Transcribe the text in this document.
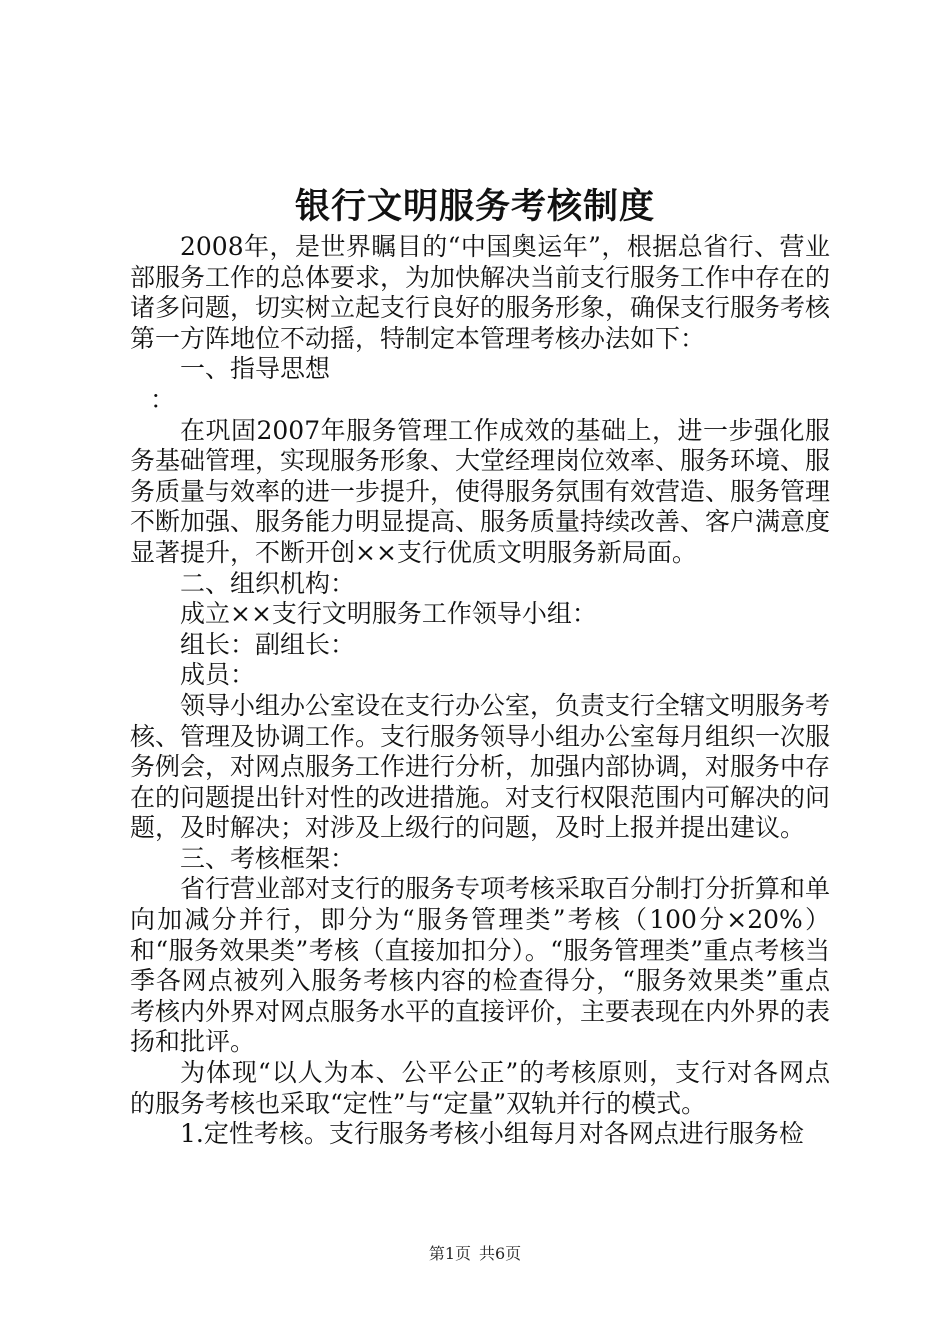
银行文明服务考核制度

2008年，是世界瞩目的“中国奥运年”，根据总省行、营业部服务工作的总体要求，为加快解决当前支行服务工作中存在的诸多问题，切实树立起支行良好的服务形象，确保支行服务考核第一方阵地位不动摇，特制定本管理考核办法如下：

一、指导思想

：

在巩固2007年服务管理工作成效的基础上，进一步强化服务基础管理，实现服务形象、大堂经理岗位效率、服务环境、服务质量与效率的进一步提升，使得服务氛围有效营造、服务管理不断加强、服务能力明显提高、服务质量持续改善、客户满意度显著提升，不断开创××支行优质文明服务新局面。

二、组织机构：

成立××支行文明服务工作领导小组：

组长：副组长：

成员：

领导小组办公室设在支行办公室，负责支行全辖文明服务考核、管理及协调工作。支行服务领导小组办公室每月组织一次服务例会，对网点服务工作进行分析，加强内部协调，对服务中存在的问题提出针对性的改进措施。对支行权限范围内可解决的问题，及时解决；对涉及上级行的问题，及时上报并提出建议。

三、考核框架：

省行营业部对支行的服务专项考核采取百分制打分折算和单向加减分并行，即分为“服务管理类”考核（100分×20%）和“服务效果类”考核（直接加扣分）。“服务管理类”重点考核当季各网点被列入服务考核内容的检查得分，“服务效果类”重点考核内外界对网点服务水平的直接评价，主要表现在内外界的表扬和批评。

为体现“以人为本、公平公正”的考核原则，支行对各网点的服务考核也采取“定性”与“定量”双轨并行的模式。

1.定性考核。支行服务考核小组每月对各网点进行服务检

第1页 共6页
